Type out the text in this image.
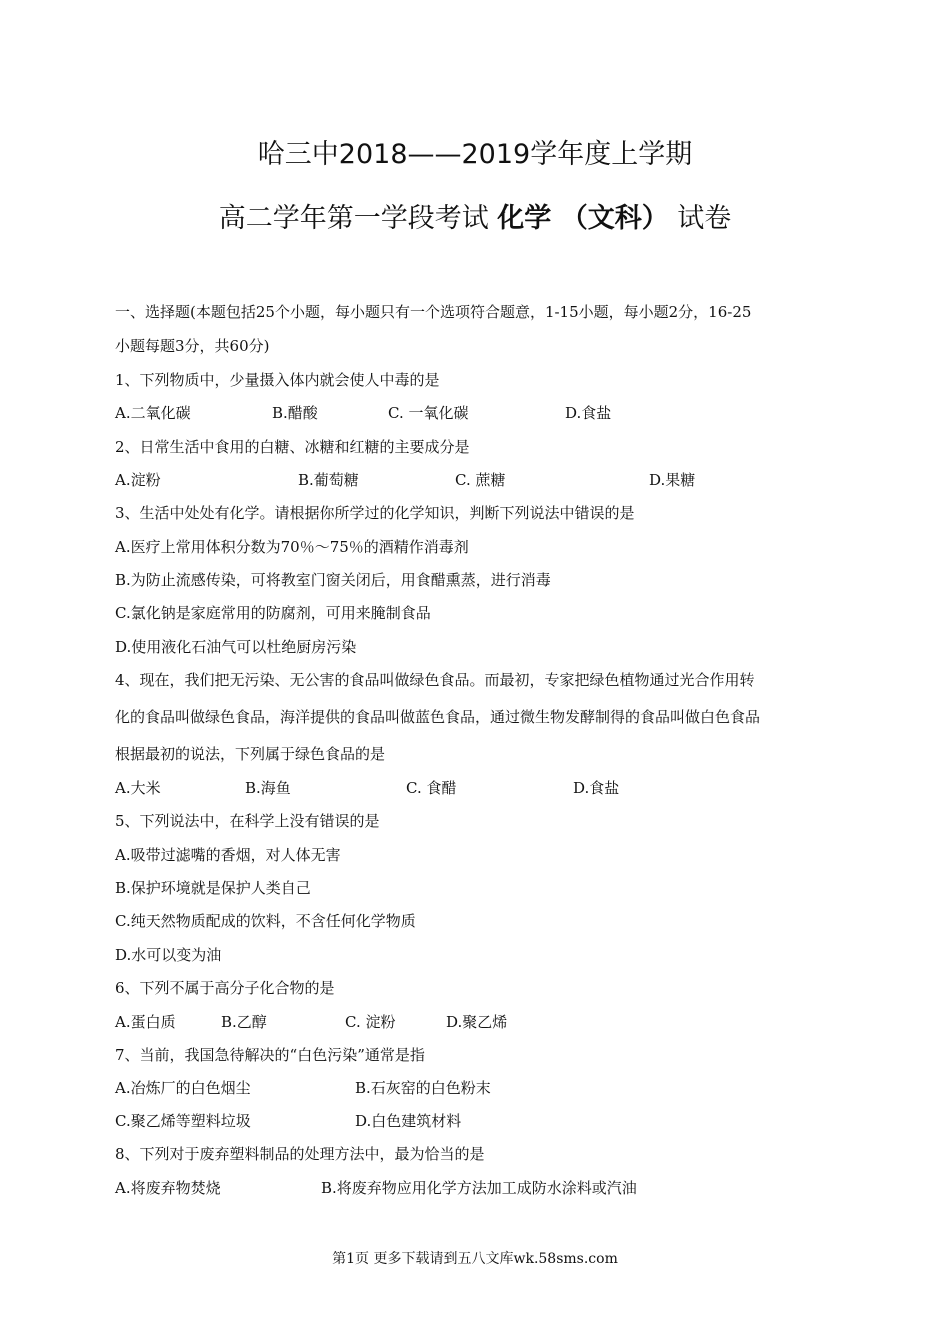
哈三中2018——2019学年度上学期
高二学年第一学段考试 化学 （文科） 试卷
一、选择题(本题包括25个小题，每小题只有一个选项符合题意，1-15小题，每小题2分，16-25
小题每题3分，共60分)
1、下列物质中，少量摄入体内就会使人中毒的是
A.二氧化碳	B.醋酸	C. 一氧化碳	D.食盐
2、日常生活中食用的白糖、冰糖和红糖的主要成分是
A.淀粉	B.葡萄糖	C. 蔗糖	D.果糖
3、生活中处处有化学。请根据你所学过的化学知识，判断下列说法中错误的是
A.医疗上常用体积分数为70％～75％的酒精作消毒剂
B.为防止流感传染，可将教室门窗关闭后，用食醋熏蒸，进行消毒
C.氯化钠是家庭常用的防腐剂，可用来腌制食品
D.使用液化石油气可以杜绝厨房污染
4、现在，我们把无污染、无公害的食品叫做绿色食品。而最初，专家把绿色植物通过光合作用转
化的食品叫做绿色食品，海洋提供的食品叫做蓝色食品，通过微生物发酵制得的食品叫做白色食品
根据最初的说法，下列属于绿色食品的是
A.大米	B.海鱼	C. 食醋	D.食盐
5、下列说法中，在科学上没有错误的是
A.吸带过滤嘴的香烟，对人体无害
B.保护环境就是保护人类自己
C.纯天然物质配成的饮料，不含任何化学物质
D.水可以变为油
6、下列不属于高分子化合物的是
A.蛋白质	B.乙醇	C. 淀粉	D.聚乙烯
7、当前，我国急待解决的“白色污染”通常是指
A.冶炼厂的白色烟尘	B.石灰窑的白色粉末
C.聚乙烯等塑料垃圾	D.白色建筑材料
8、下列对于废弃塑料制品的处理方法中，最为恰当的是
A.将废弃物焚烧	B.将废弃物应用化学方法加工成防水涂料或汽油
第1页 更多下载请到五八文库wk.58sms.com
